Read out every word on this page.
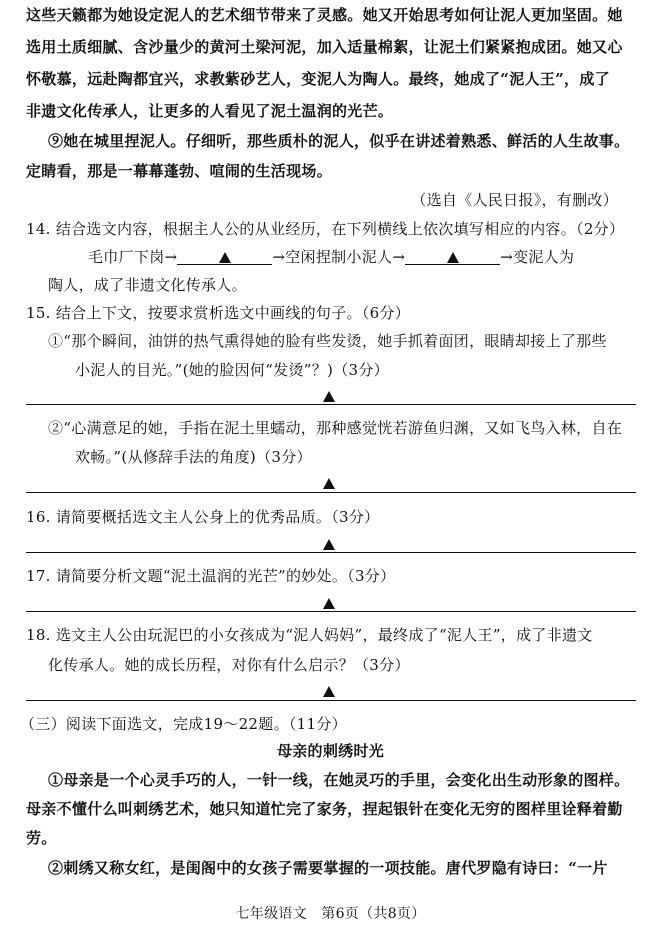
这些天籁都为她设定泥人的艺术细节带来了灵感。她又开始思考如何让泥人更加坚固。她
选用土质细腻、含沙量少的黄河土梁河泥，加入适量棉絮，让泥土们紧紧抱成团。她又心
怀敬慕，远赴陶都宜兴，求教紫砂艺人，变泥人为陶人。最终，她成了“泥人王”，成了
非遗文化传承人，让更多的人看见了泥土温润的光芒。
⑨她在城里捏泥人。仔细听，那些质朴的泥人，似乎在讲述着熟悉、鲜活的人生故事。
定睛看，那是一幕幕蓬勃、喧闹的生活现场。
（选自《人民日报》，有删改）
14. 结合选文内容，根据主人公的从业经历，在下列横线上依次填写相应的内容。（2分）
毛巾厂下岗→	→空闲捏制小泥人→	→变泥人为
陶人，成了非遗文化传承人。
15. 结合上下文，按要求赏析选文中画线的句子。（6分）
①“那个瞬间，油饼的热气熏得她的脸有些发烫，她手抓着面团，眼睛却接上了那些
小泥人的目光。”(她的脸因何“发烫”？)（3分）
②“心满意足的她，手指在泥土里蠕动，那种感觉恍若游鱼归渊，又如飞鸟入林，自在
欢畅。”(从修辞手法的角度)（3分）
16. 请简要概括选文主人公身上的优秀品质。（3分）
17. 请简要分析文题“泥土温润的光芒”的妙处。（3分）
18. 选文主人公由玩泥巴的小女孩成为“泥人妈妈”，最终成了“泥人王”，成了非遗文
化传承人。她的成长历程，对你有什么启示？（3分）
（三）阅读下面选文，完成19～22题。（11分）
母亲的刺绣时光
①母亲是一个心灵手巧的人，一针一线，在她灵巧的手里，会变化出生动形象的图样。
母亲不懂什么叫刺绣艺术，她只知道忙完了家务，捏起银针在变化无穷的图样里诠释着勤
劳。
②刺绣又称女红，是闺阁中的女孩子需要掌握的一项技能。唐代罗隐有诗曰：“一片
七年级语文　第6页（共8页）
